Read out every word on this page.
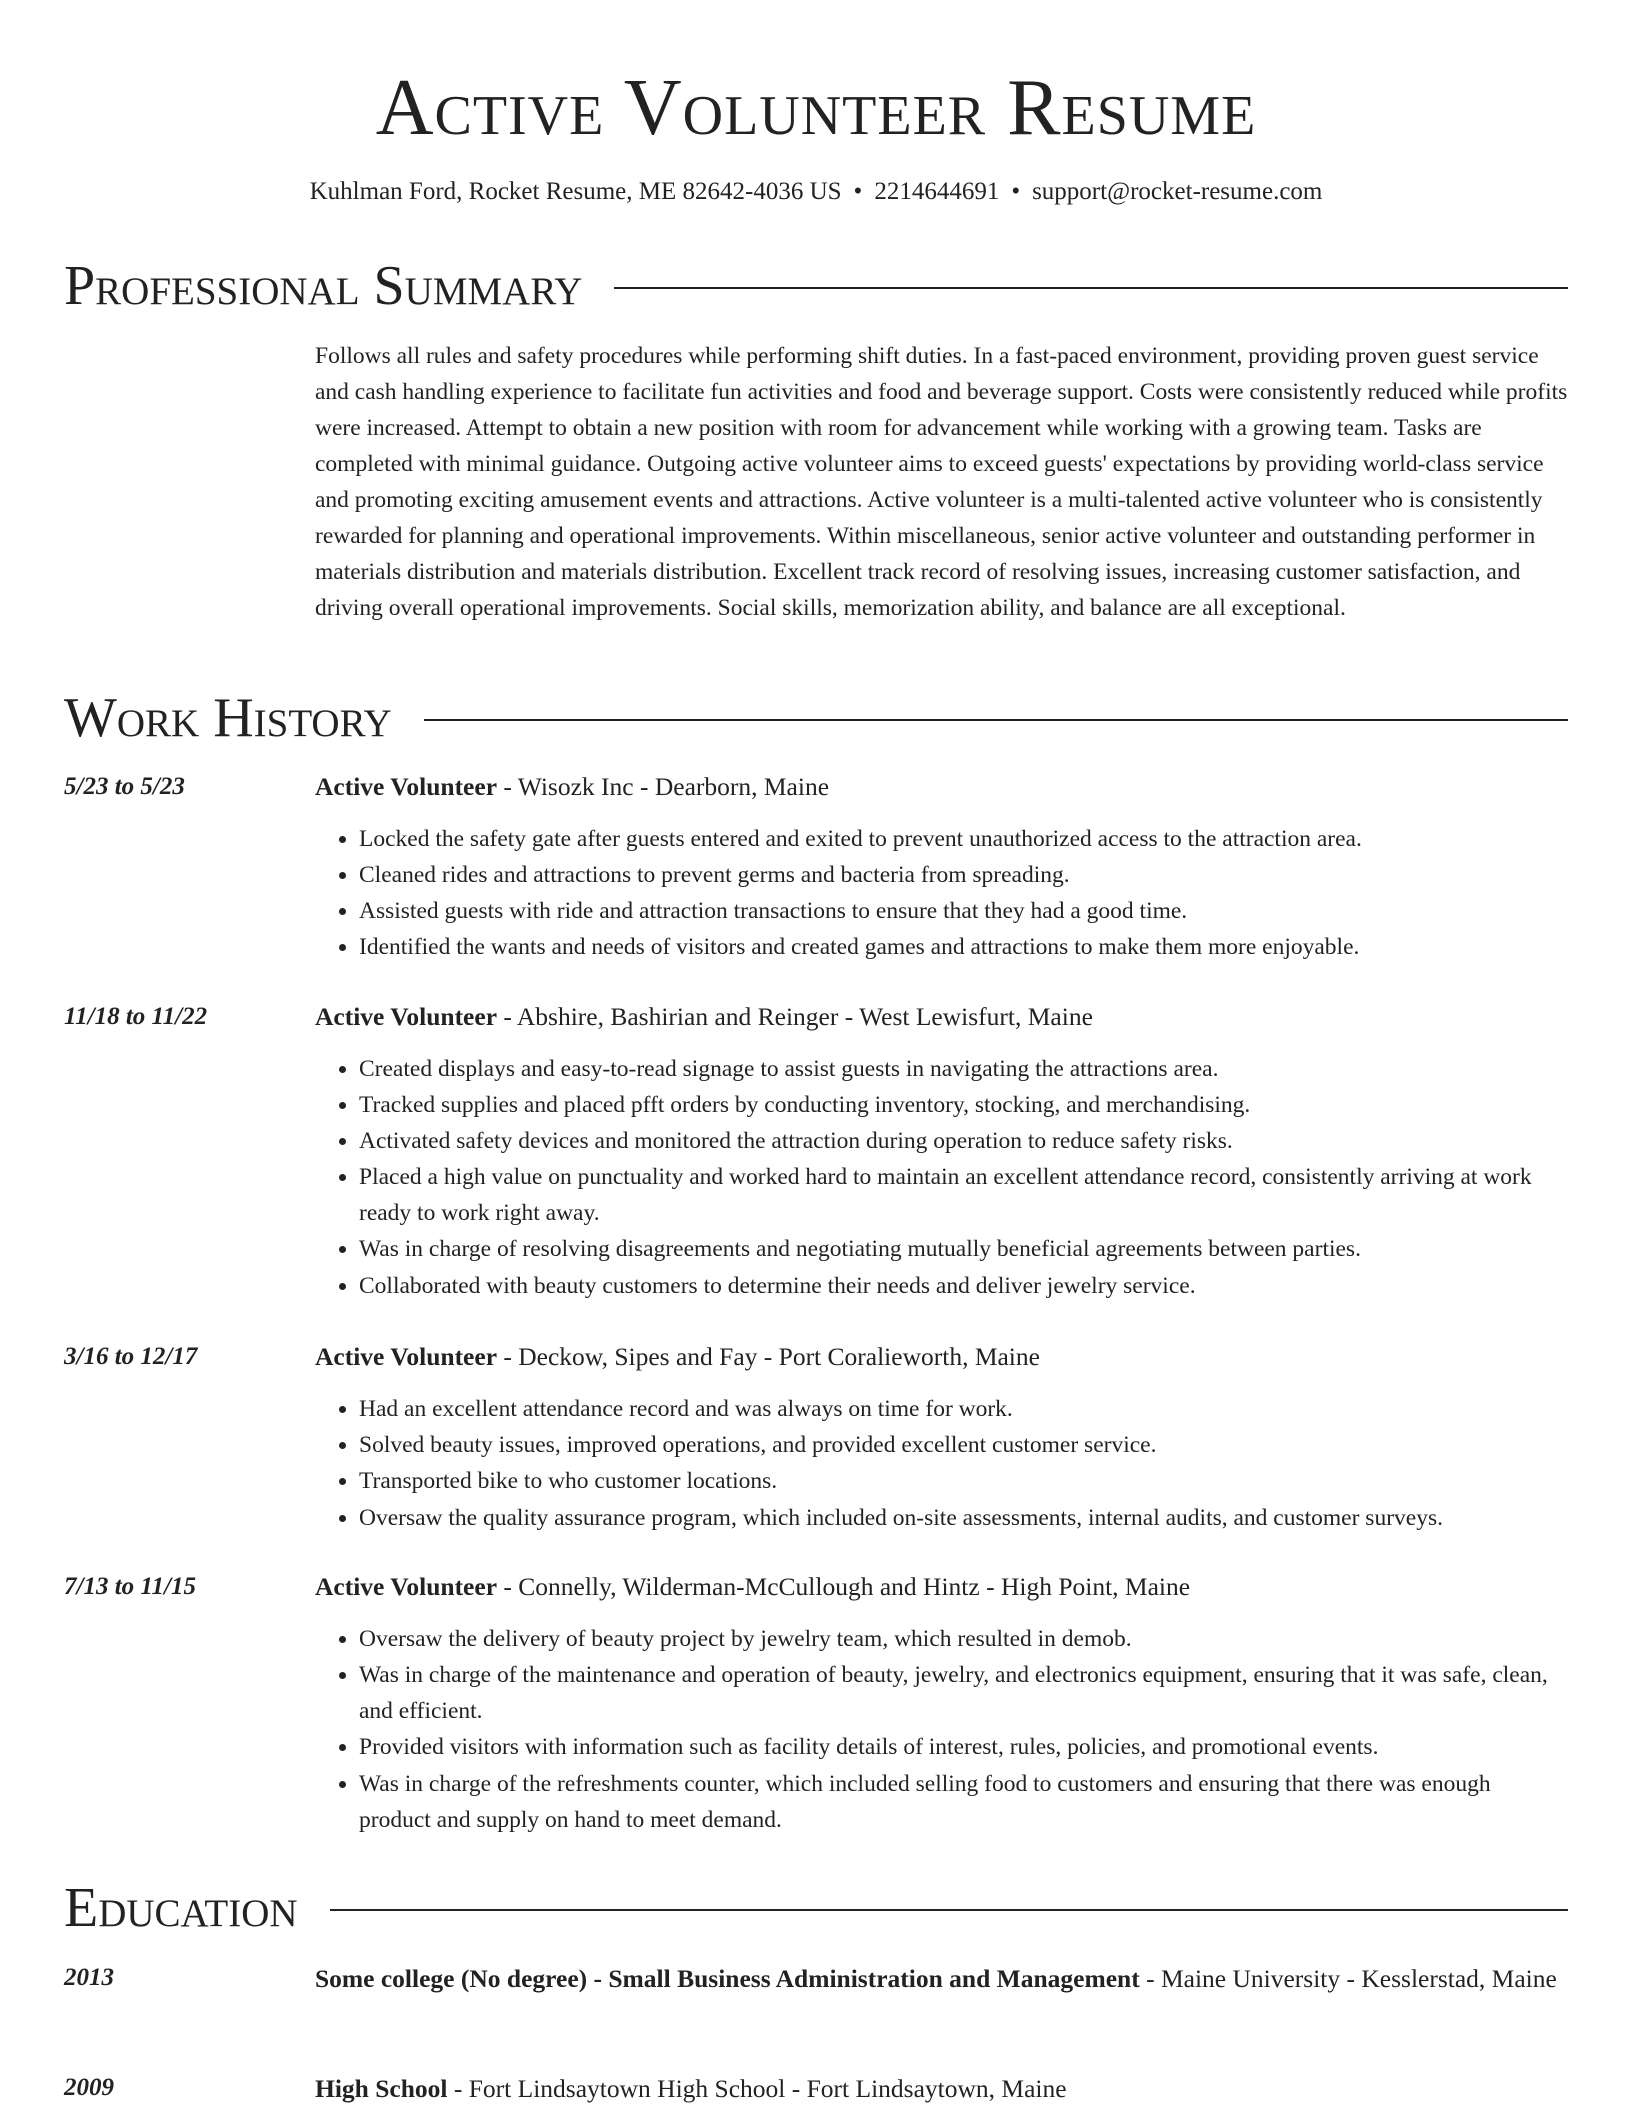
Active Volunteer Resume
Kuhlman Ford, Rocket Resume, ME 82642-4036 US • 2214644691 • support@rocket-resume.com
Professional Summary

Follows all rules and safety procedures while performing shift duties. In a fast-paced environment, providing proven guest service and cash handling experience to facilitate fun activities and food and beverage support. Costs were consistently reduced while profits were increased. Attempt to obtain a new position with room for advancement while working with a growing team. Tasks are completed with minimal guidance. Outgoing active volunteer aims to exceed guests' expectations by providing world-class service and promoting exciting amusement events and attractions. Active volunteer is a multi-talented active volunteer who is consistently rewarded for planning and operational improvements. Within miscellaneous, senior active volunteer and outstanding performer in materials distribution and materials distribution. Excellent track record of resolving issues, increasing customer satisfaction, and driving overall operational improvements. Social skills, memorization ability, and balance are all exceptional.

Work History
5/23 to 5/23	Active Volunteer - Wisozk Inc - Dearborn, Maine
• Locked the safety gate after guests entered and exited to prevent unauthorized access to the attraction area.
• Cleaned rides and attractions to prevent germs and bacteria from spreading.
• Assisted guests with ride and attraction transactions to ensure that they had a good time.
• Identified the wants and needs of visitors and created games and attractions to make them more enjoyable.
11/18 to 11/22	Active Volunteer - Abshire, Bashirian and Reinger - West Lewisfurt, Maine
• Created displays and easy-to-read signage to assist guests in navigating the attractions area.
• Tracked supplies and placed pfft orders by conducting inventory, stocking, and merchandising.
• Activated safety devices and monitored the attraction during operation to reduce safety risks.
• Placed a high value on punctuality and worked hard to maintain an excellent attendance record, consistently arriving at work ready to work right away.
• Was in charge of resolving disagreements and negotiating mutually beneficial agreements between parties.
• Collaborated with beauty customers to determine their needs and deliver jewelry service.
3/16 to 12/17	Active Volunteer - Deckow, Sipes and Fay - Port Coralieworth, Maine
• Had an excellent attendance record and was always on time for work.
• Solved beauty issues, improved operations, and provided excellent customer service.
• Transported bike to who customer locations.
• Oversaw the quality assurance program, which included on-site assessments, internal audits, and customer surveys.
7/13 to 11/15	Active Volunteer - Connelly, Wilderman-McCullough and Hintz - High Point, Maine
• Oversaw the delivery of beauty project by jewelry team, which resulted in demob.
• Was in charge of the maintenance and operation of beauty, jewelry, and electronics equipment, ensuring that it was safe, clean, and efficient.
• Provided visitors with information such as facility details of interest, rules, policies, and promotional events.
• Was in charge of the refreshments counter, which included selling food to customers and ensuring that there was enough product and supply on hand to meet demand.
Education
2013	Some college (No degree) - Small Business Administration and Management - Maine University - Kesslerstad, Maine
2009	High School - Fort Lindsaytown High School - Fort Lindsaytown, Maine
